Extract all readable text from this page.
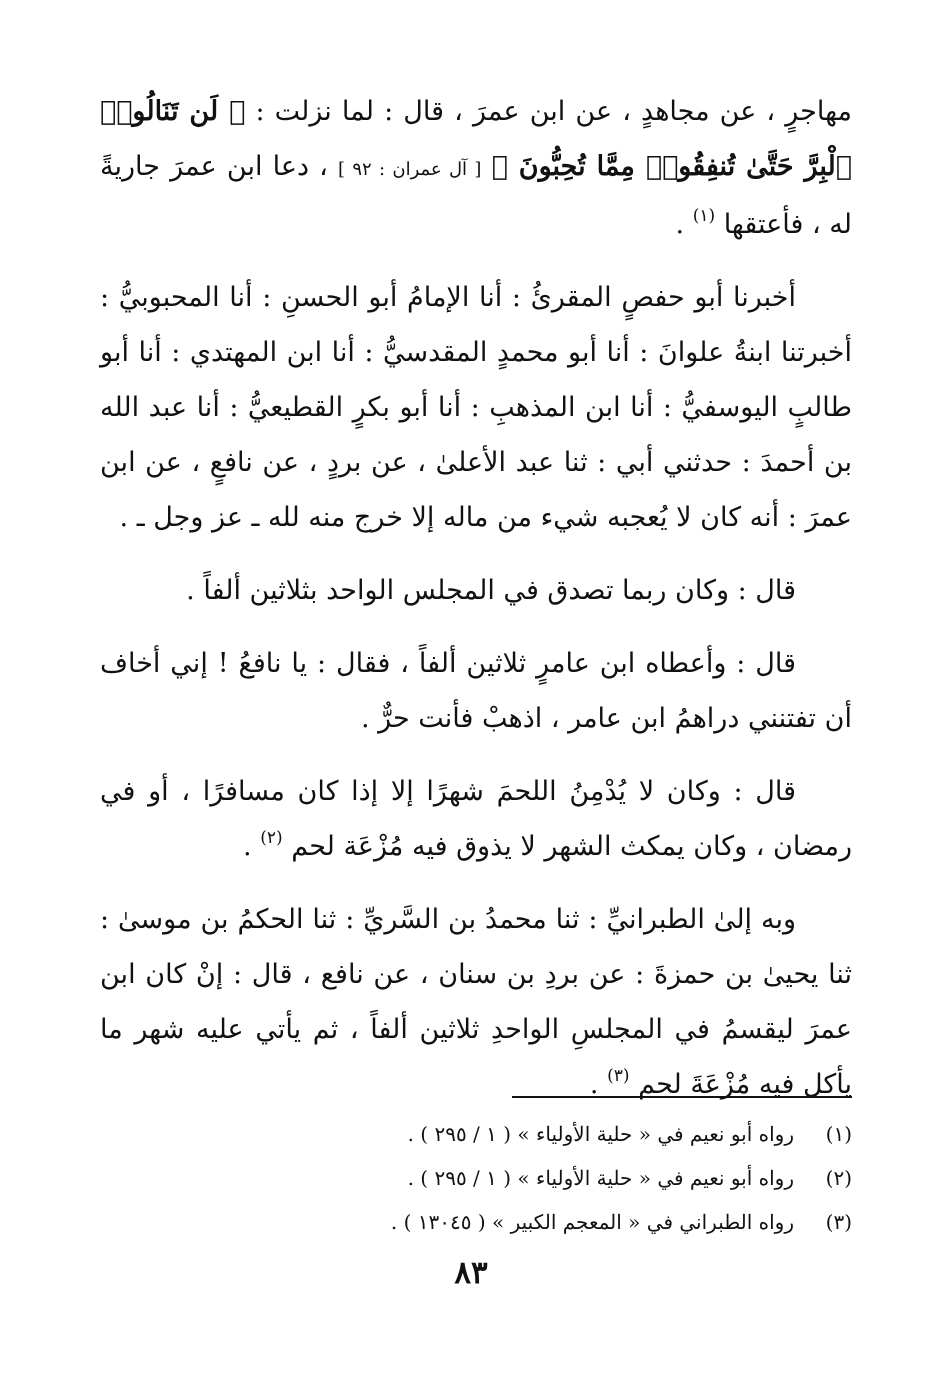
مهاجرٍ ، عن مجاهدٍ ، عن ابن عمرَ ، قال : لما نزلت : ﴿ لَن تَنَالُوا۟ ٱلْبِرَّ حَتَّىٰ تُنفِقُوا۟ مِمَّا تُحِبُّونَ ﴾ [ آل عمران : ٩٢ ] ، دعا ابن عمرَ جاريةً له ، فأعتقها $^{(١)}$ .

أخبرنا أبو حفصٍ المقرئُ : أنا الإمامُ أبو الحسنِ : أنا المحبوبيُّ : أخبرتنا ابنةُ علوانَ : أنا أبو محمدٍ المقدسيُّ : أنا ابن المهتدي : أنا أبو طالبٍ اليوسفيُّ : أنا ابن المذهبِ : أنا أبو بكرٍ القطيعيُّ : أنا عبد الله بن أحمدَ : حدثني أبي : ثنا عبد الأعلىٰ ، عن بردٍ ، عن نافعٍ ، عن ابن عمرَ : أنه كان لا يُعجبه شيء من ماله إلا خرج منه لله ـ عز وجل ـ .

قال : وكان ربما تصدق في المجلس الواحد بثلاثين ألفاً .

قال : وأعطاه ابن عامرٍ ثلاثين ألفاً ، فقال : يا نافعُ ! إني أخاف أن تفتنني دراهمُ ابن عامر ، اذهبْ فأنت حرٌّ .

قال : وكان لا يُدْمِنُ اللحمَ شهرًا إلا إذا كان مسافرًا ، أو في رمضان ، وكان يمكث الشهر لا يذوق فيه مُزْعَة لحم $^{(٢)}$ .

وبه إلىٰ الطبرانيِّ : ثنا محمدُ بن السَّريِّ : ثنا الحكمُ بن موسىٰ : ثنا يحيىٰ بن حمزةَ : عن بردِ بن سنان ، عن نافع ، قال : إنْ كان ابن عمرَ ليقسمُ في المجلسِ الواحدِ ثلاثين ألفاً ، ثم يأتي عليه شهر ما يأكل فيه مُزْعَةَ لحم $^{(٣)}$ .

(١)رواه أبو نعيم في « حلية الأولياء » ( ١ / ٢٩٥ ) .
(٢)رواه أبو نعيم في « حلية الأولياء » ( ١ / ٢٩٥ ) .
(٣)رواه الطبراني في « المعجم الكبير » ( ١٣٠٤٥ ) .
٨٣
